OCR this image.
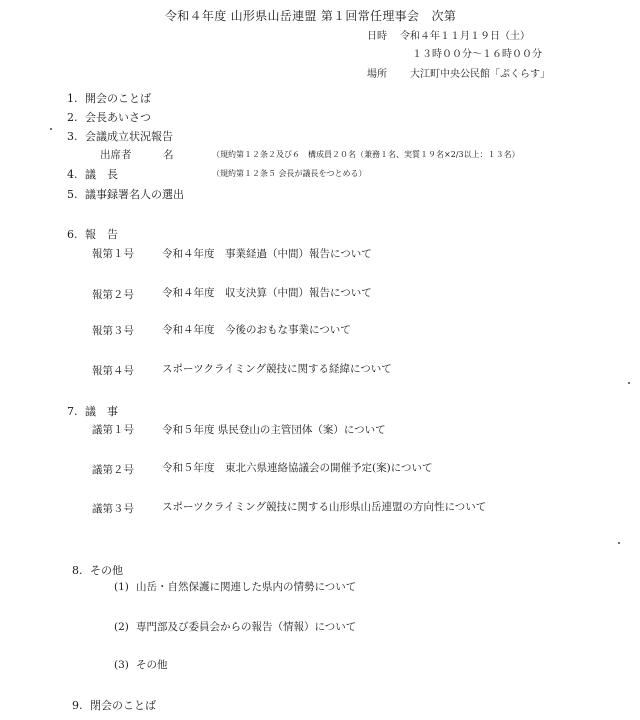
令和４年度 山形県山岳連盟 第１回常任理事会　次第
日時 令和４年１１月１９日（土）
１３時００分～１６時００分
場所 大江町中央公民館「ぷくらす」
1. 開会のことば
2. 会長あいさつ
3. 会議成立状況報告
出席者　　　名	（規約第１２条２及び６　構成員２０名（兼務１名、実質１９名×2/3以上：１３名）
4. 議　長	（規約第１２条５ 会長が議長をつとめる）
5. 議事録署名人の選出
6. 報　告
報第１号	令和４年度　事業経過（中間）報告について
報第２号	令和４年度　収支決算（中間）報告について
報第３号	令和４年度　今後のおもな事業について
報第４号	スポーツクライミング競技に関する経緯について
7. 議　事
議第１号	令和５年度 県民登山の主管団体（案）について
議第２号	令和５年度　東北六県連絡協議会の開催予定(案)について
議第３号	スポーツクライミング競技に関する山形県山岳連盟の方向性について
8. その他
(1) 山岳・自然保護に関連した県内の情勢について
(2) 専門部及び委員会からの報告（情報）について
(3) その他
9. 閉会のことば
